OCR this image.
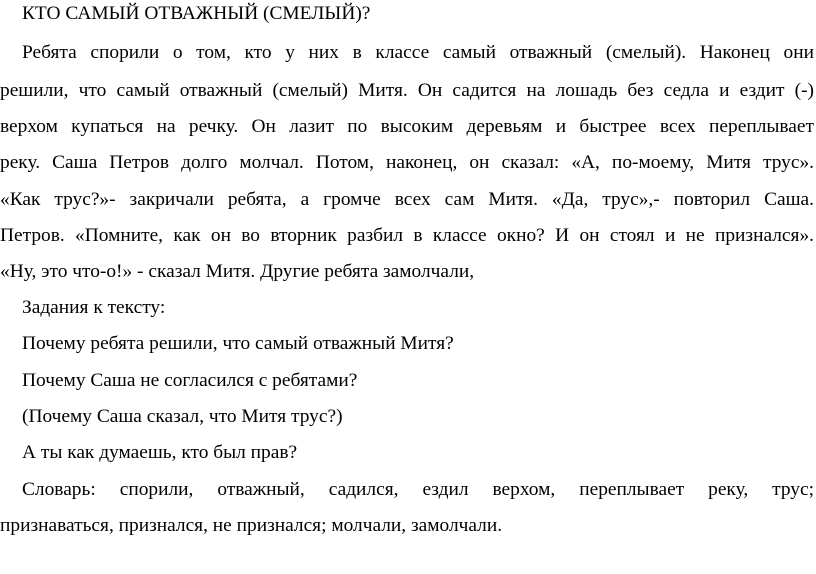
КТО САМЫЙ ОТВАЖНЫЙ (СМЕЛЫЙ)?
Ребята спорили о том, кто у них в классе самый отважный (смелый). Наконец они
решили, что самый отважный (смелый) Митя. Он садится на лошадь без седла и ездит (-)
верхом купаться на речку. Он лазит по высоким деревьям и быстрее всех переплывает
реку. Саша Петров долго молчал. Потом, наконец, он сказал: «А, по-моему, Митя трус».
«Как трус?»- закричали ребята, а громче всех сам Митя. «Да, трус»,- повторил Саша.
Петров. «Помните, как он во вторник разбил в классе окно? И он стоял и не признался».
«Ну, это что-о!» - сказал Митя. Другие ребята замолчали,
Задания к тексту:
Почему ребята решили, что самый отважный Митя?
Почему Саша не согласился с ребятами?
(Почему Саша сказал, что Митя трус?)
А ты как думаешь, кто был прав?
Словарь: спорили, отважный, садился, ездил верхом, переплывает реку, трус;
признаваться, признался, не признался; молчали, замолчали.
